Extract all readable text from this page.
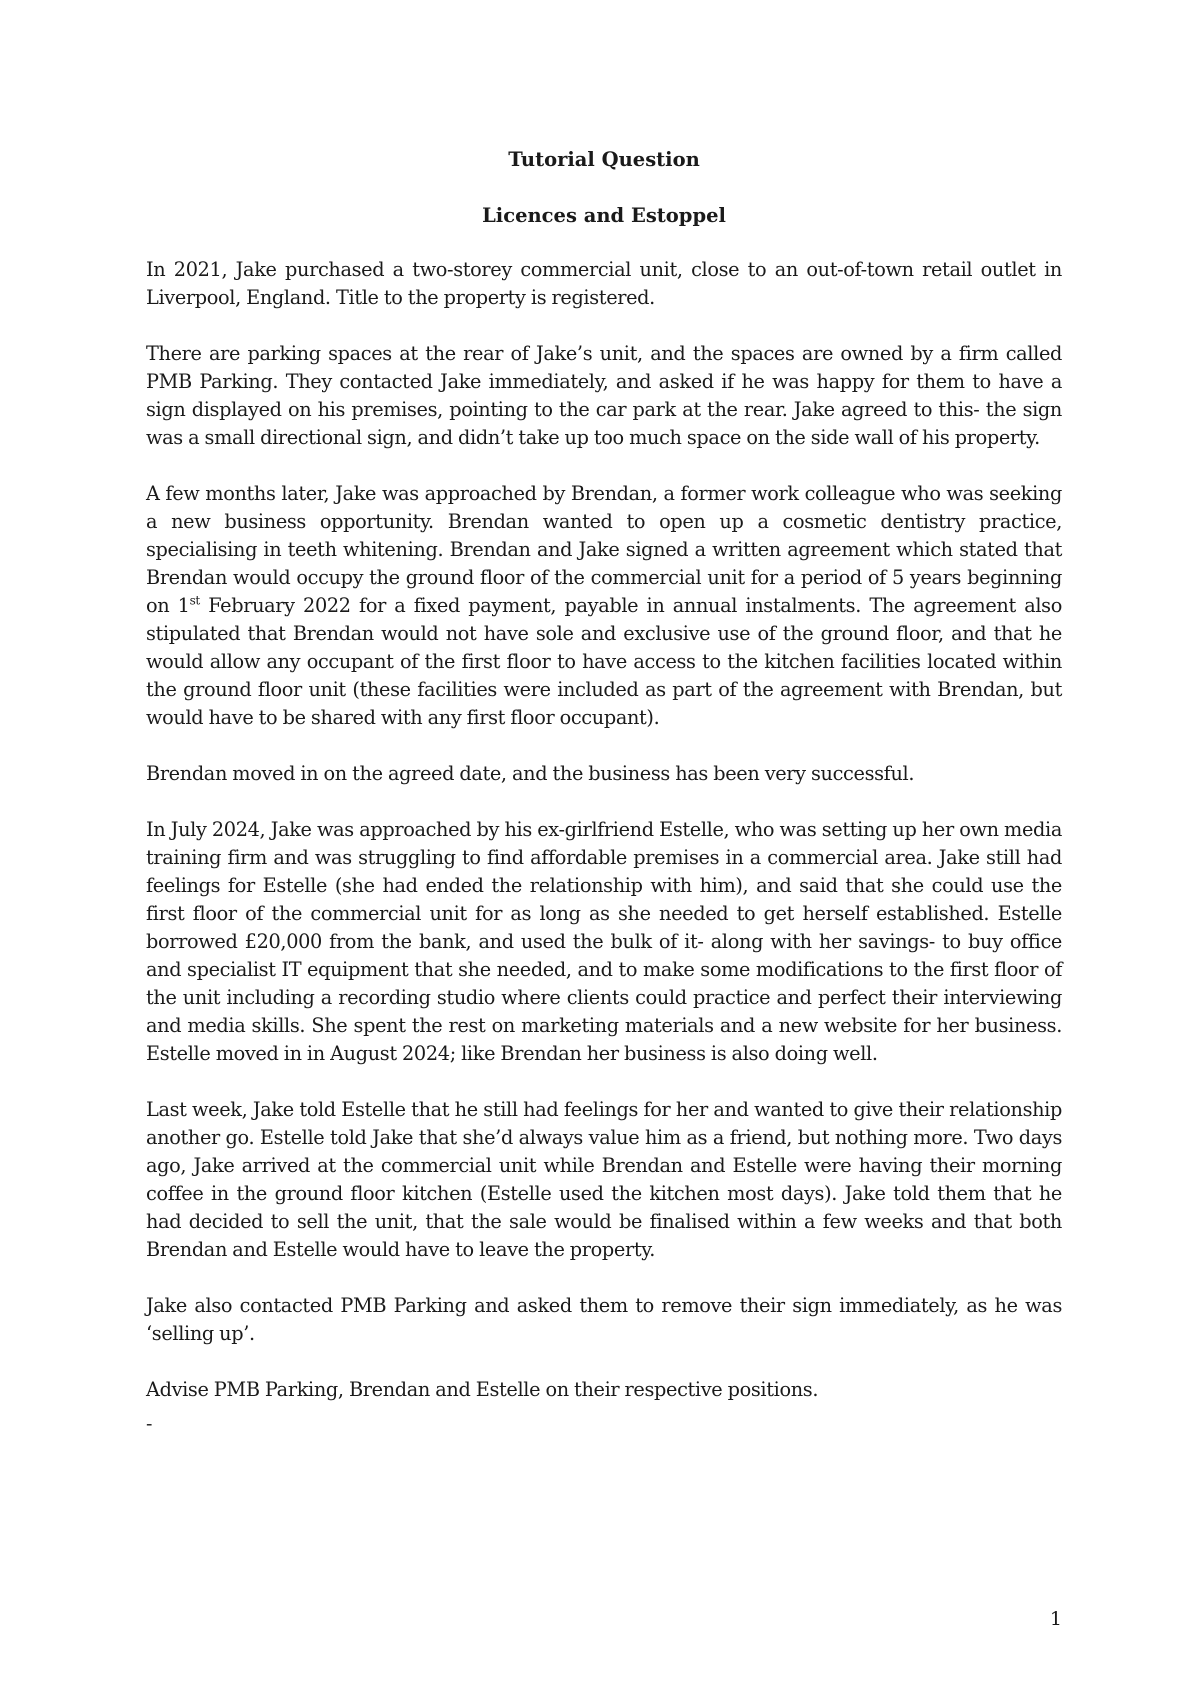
Tutorial Question
Licences and Estoppel

In 2021, Jake purchased a two-storey commercial unit, close to an out-of-town retail outlet in Liverpool, England. Title to the property is registered.

There are parking spaces at the rear of Jake’s unit, and the spaces are owned by a firm called PMB Parking. They contacted Jake immediately, and asked if he was happy for them to have a sign displayed on his premises, pointing to the car park at the rear. Jake agreed to this- the sign was a small directional sign, and didn’t take up too much space on the side wall of his property.

A few months later, Jake was approached by Brendan, a former work colleague who was seeking a new business opportunity. Brendan wanted to open up a cosmetic dentistry practice, specialising in teeth whitening. Brendan and Jake signed a written agreement which stated that Brendan would occupy the ground floor of the commercial unit for a period of 5 years beginning on 1st February 2022 for a fixed payment, payable in annual instalments. The agreement also stipulated that Brendan would not have sole and exclusive use of the ground floor, and that he would allow any occupant of the first floor to have access to the kitchen facilities located within the ground floor unit (these facilities were included as part of the agreement with Brendan, but would have to be shared with any first floor occupant).

Brendan moved in on the agreed date, and the business has been very successful.

In July 2024, Jake was approached by his ex-girlfriend Estelle, who was setting up her own media training firm and was struggling to find affordable premises in a commercial area. Jake still had feelings for Estelle (she had ended the relationship with him), and said that she could use the first floor of the commercial unit for as long as she needed to get herself established. Estelle borrowed £20,000 from the bank, and used the bulk of it- along with her savings- to buy office and specialist IT equipment that she needed, and to make some modifications to the first floor of the unit including a recording studio where clients could practice and perfect their interviewing and media skills. She spent the rest on marketing materials and a new website for her business. Estelle moved in in August 2024; like Brendan her business is also doing well.

Last week, Jake told Estelle that he still had feelings for her and wanted to give their relationship another go. Estelle told Jake that she’d always value him as a friend, but nothing more. Two days ago, Jake arrived at the commercial unit while Brendan and Estelle were having their morning coffee in the ground floor kitchen (Estelle used the kitchen most days). Jake told them that he had decided to sell the unit, that the sale would be finalised within a few weeks and that both Brendan and Estelle would have to leave the property.

Jake also contacted PMB Parking and asked them to remove their sign immediately, as he was ‘selling up’.

Advise PMB Parking, Brendan and Estelle on their respective positions.

-
1
